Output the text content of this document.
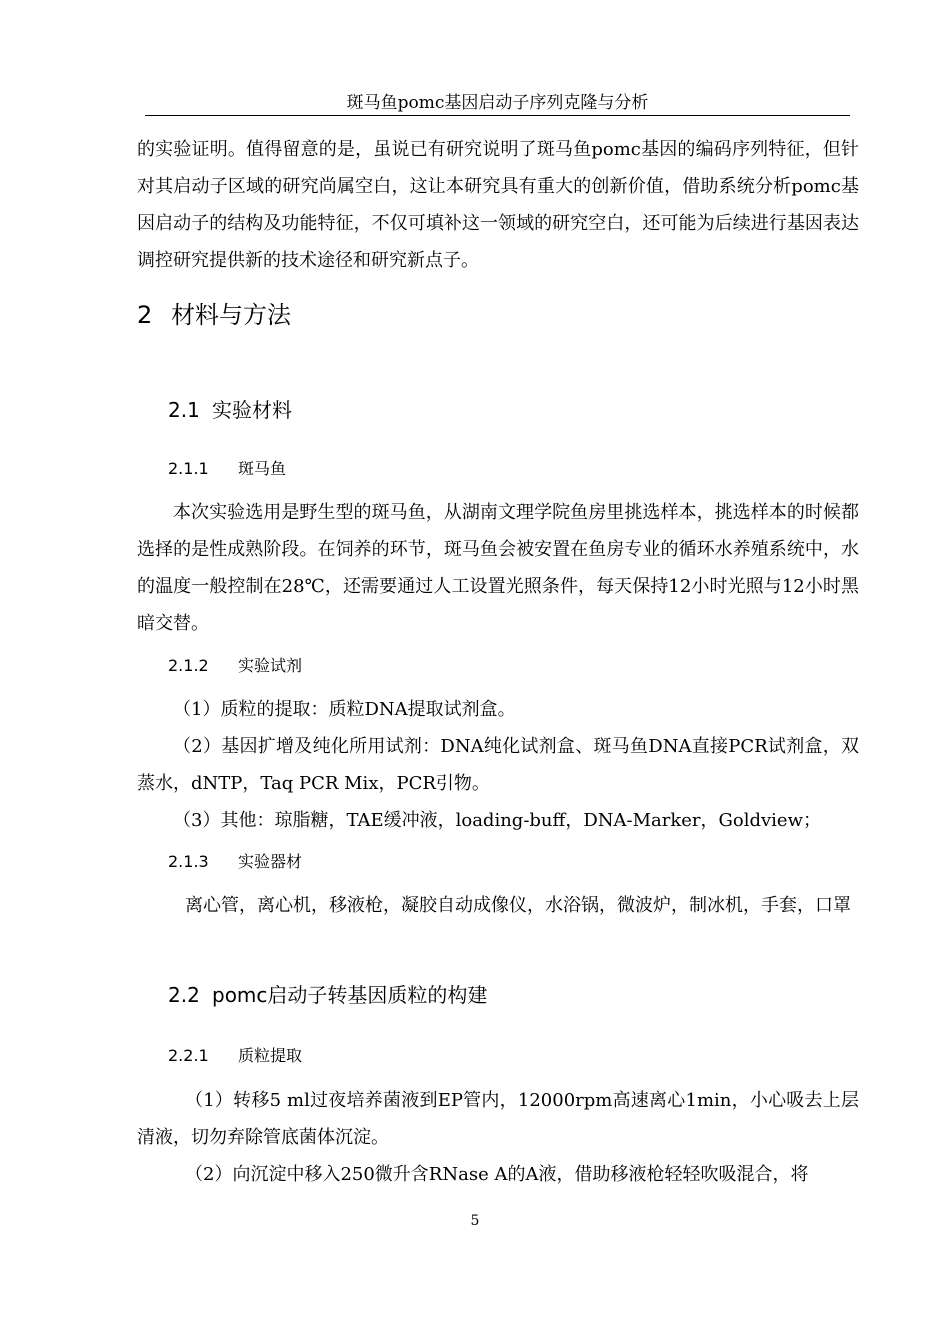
斑马鱼pomc基因启动子序列克隆与分析

的实验证明。值得留意的是，虽说已有研究说明了斑马鱼pomc基因的编码序列特征，但针对其启动子区域的研究尚属空白，这让本研究具有重大的创新价值，借助系统分析pomc基因启动子的结构及功能特征，不仅可填补这一领域的研究空白，还可能为后续进行基因表达调控研究提供新的技术途径和研究新点子。

2 材料与方法
2.1 实验材料
2.1.1 斑马鱼

本次实验选用是野生型的斑马鱼，从湖南文理学院鱼房里挑选样本，挑选样本的时候都选择的是性成熟阶段。在饲养的环节，斑马鱼会被安置在鱼房专业的循环水养殖系统中，水的温度一般控制在28℃，还需要通过人工设置光照条件，每天保持12小时光照与12小时黑暗交替。

2.1.2 实验试剂

（1）质粒的提取：质粒DNA提取试剂盒。

（2）基因扩增及纯化所用试剂：DNA纯化试剂盒、斑马鱼DNA直接PCR试剂盒，双蒸水，dNTP，Taq PCR Mix，PCR引物。

（3）其他：琼脂糖，TAE缓冲液，loading-buff，DNA-Marker，Goldview；

2.1.3 实验器材

离心管，离心机，移液枪，凝胶自动成像仪，水浴锅，微波炉，制冰机，手套，口罩

2.2 pomc启动子转基因质粒的构建
2.2.1 质粒提取

（1）转移5 ml过夜培养菌液到EP管内，12000rpm高速离心1min，小心吸去上层清液，切勿弃除管底菌体沉淀。

（2）向沉淀中移入250微升含RNase A的A液，借助移液枪轻轻吹吸混合，将

5
